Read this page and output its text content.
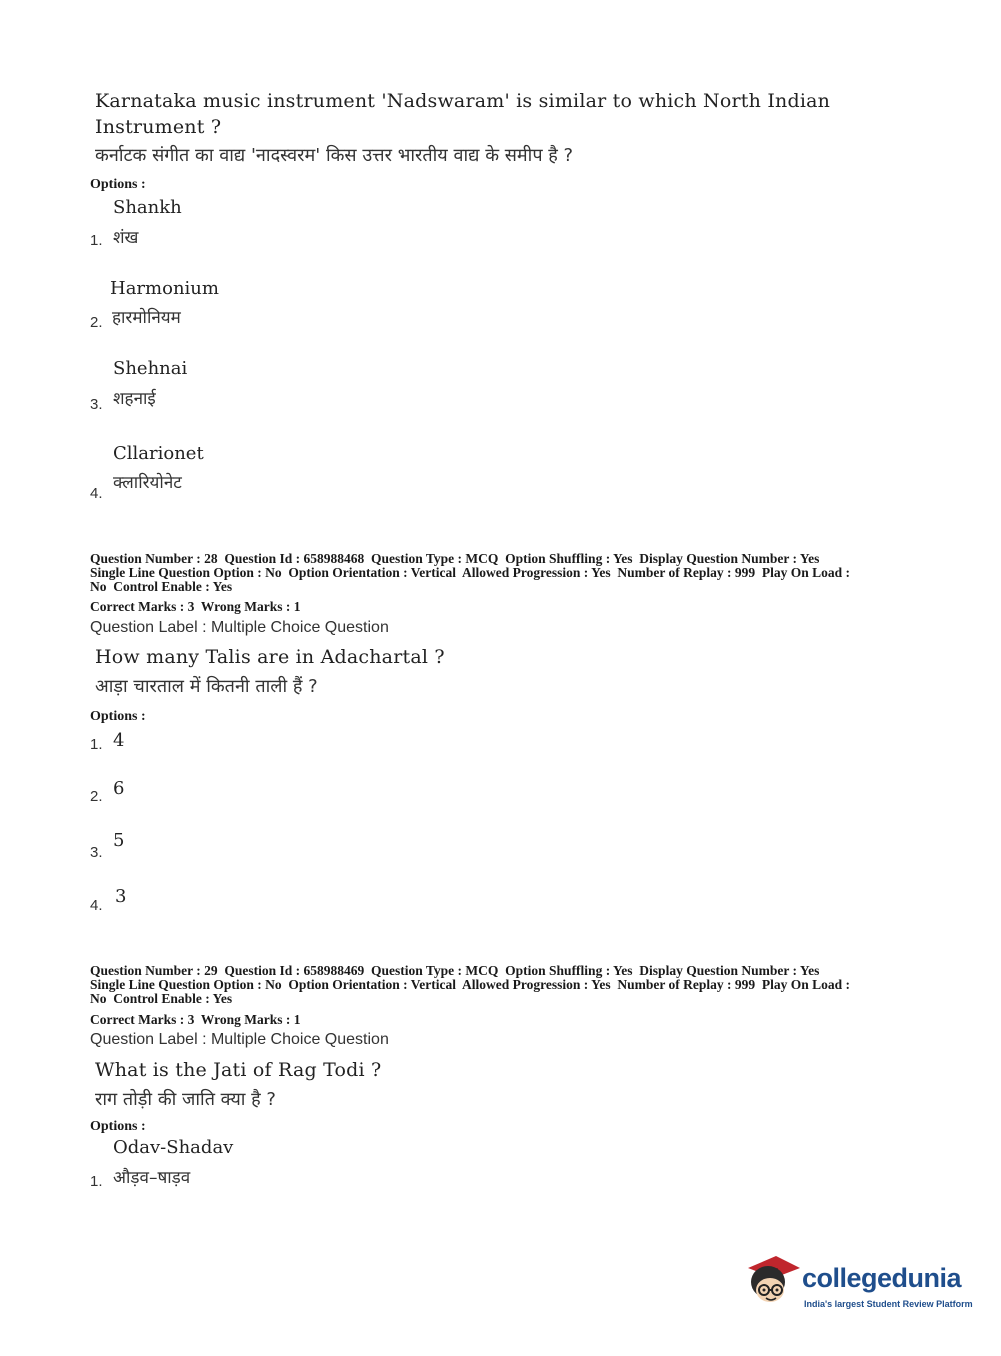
Karnataka music instrument 'Nadswaram' is similar to which North Indian
Instrument ?
कर्नाटक संगीत का वाद्य 'नादस्वरम' किस उत्तर भारतीय वाद्य के समीप है ?
Options :
Shankh
1. शंख
Harmonium
2. हारमोनियम
Shehnai
3. शहनाई
Cllarionet
4.
क्लारियोनेट
Question Number : 28  Question Id : 658988468  Question Type : MCQ  Option Shuffling : Yes  Display Question Number : Yes
Single Line Question Option : No  Option Orientation : Vertical  Allowed Progression : Yes  Number of Replay : 999  Play On Load :
No  Control Enable : Yes
Correct Marks : 3  Wrong Marks : 1
Question Label : Multiple Choice Question
How many Talis are in Adachartal ?
आड़ा चारताल में कितनी ताली हैं ?
Options :
1. 4
2. 6
3.
5
4. 3
Question Number : 29  Question Id : 658988469  Question Type : MCQ  Option Shuffling : Yes  Display Question Number : Yes
Single Line Question Option : No  Option Orientation : Vertical  Allowed Progression : Yes  Number of Replay : 999  Play On Load :
No  Control Enable : Yes
Correct Marks : 3  Wrong Marks : 1
Question Label : Multiple Choice Question
What is the Jati of Rag Todi ?
राग तोड़ी की जाति क्या है ?
Options :
Odav-Shadav
1. औड़व–षाड़व
collegedunia
India's largest Student Review Platform
